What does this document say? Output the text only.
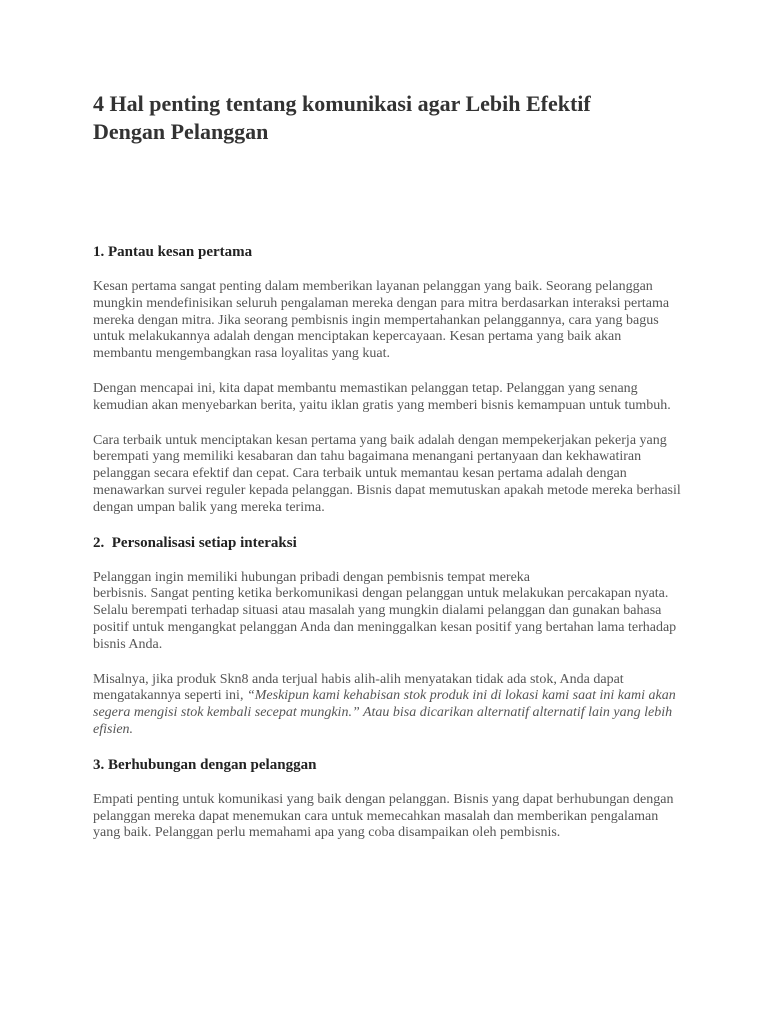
4 Hal penting tentang komunikasi agar Lebih Efektif
Dengan Pelanggan
1. Pantau kesan pertama

Kesan pertama sangat penting dalam memberikan layanan pelanggan yang baik. Seorang pelanggan mungkin mendefinisikan seluruh pengalaman mereka dengan para mitra berdasarkan interaksi pertama mereka dengan mitra. Jika seorang pembisnis ingin mempertahankan pelanggannya, cara yang bagus untuk melakukannya adalah dengan menciptakan kepercayaan. Kesan pertama yang baik akan membantu mengembangkan rasa loyalitas yang kuat.

Dengan mencapai ini, kita dapat membantu memastikan pelanggan tetap. Pelanggan yang senang kemudian akan menyebarkan berita, yaitu iklan gratis yang memberi bisnis kemampuan untuk tumbuh.

Cara terbaik untuk menciptakan kesan pertama yang baik adalah dengan mempekerjakan pekerja yang berempati yang memiliki kesabaran dan tahu bagaimana menangani pertanyaan dan kekhawatiran pelanggan secara efektif dan cepat. Cara terbaik untuk memantau kesan pertama adalah dengan menawarkan survei reguler kepada pelanggan. Bisnis dapat memutuskan apakah metode mereka berhasil dengan umpan balik yang mereka terima.

2.  Personalisasi setiap interaksi

Pelanggan ingin memiliki hubungan pribadi dengan pembisnis tempat mereka
berbisnis. Sangat penting ketika berkomunikasi dengan pelanggan untuk melakukan percakapan nyata. Selalu berempati terhadap situasi atau masalah yang mungkin dialami pelanggan dan gunakan bahasa positif untuk mengangkat pelanggan Anda dan meninggalkan kesan positif yang bertahan lama terhadap bisnis Anda.

Misalnya, jika produk Skn8 anda terjual habis alih-alih menyatakan tidak ada stok, Anda dapat mengatakannya seperti ini, “Meskipun kami kehabisan stok produk ini di lokasi kami saat ini kami akan segera mengisi stok kembali secepat mungkin.” Atau bisa dicarikan alternatif alternatif lain yang lebih efisien.

3. Berhubungan dengan pelanggan

Empati penting untuk komunikasi yang baik dengan pelanggan. Bisnis yang dapat berhubungan dengan pelanggan mereka dapat menemukan cara untuk memecahkan masalah dan memberikan pengalaman yang baik. Pelanggan perlu memahami apa yang coba disampaikan oleh pembisnis.
